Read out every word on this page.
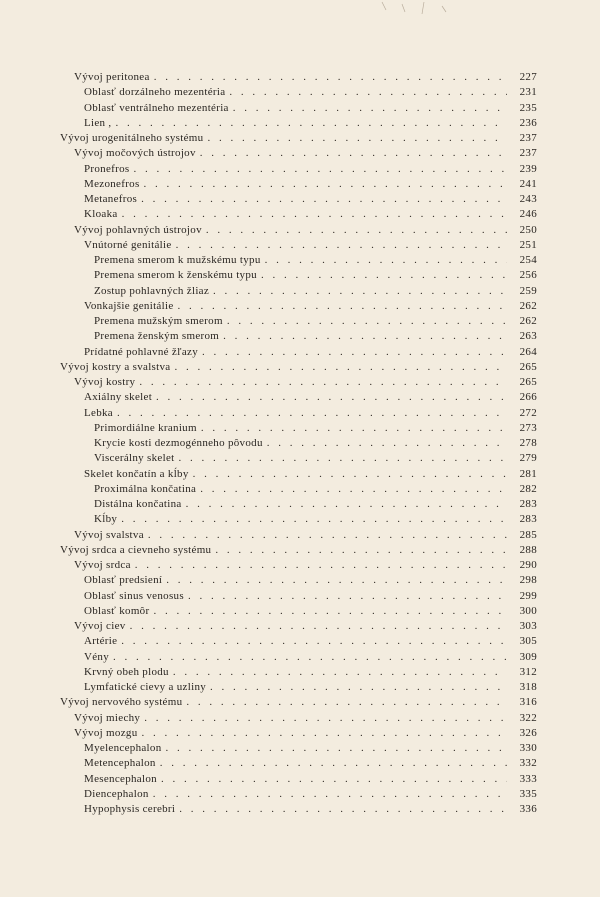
Vývoj peritonea . . .	227
Oblasť dorzálneho mezentéria . . .	231
Oblasť ventrálneho mezentéria . . .	235
Lien , . . .	236
Vývoj urogenitálneho systému . . .	237
Vývoj močových ústrojov . . .	237
Pronefros . . .	239
Mezonefros . . .	241
Metanefros . . .	243
Kloaka . . .	246
Vývoj pohlavných ústrojov . . .	250
Vnútorné genitálie . . .	251
Premena smerom k mužskému typu . . .	254
Premena smerom k ženskému typu . . .	256
Zostup pohlavných žliaz . . .	259
Vonkajšie genitálie . . .	262
Premena mužským smerom . . .	262
Premena ženským smerom . . .	263
Prídatné pohlavné žľazy . . .	264
Vývoj kostry a svalstva . . .	265
Vývoj kostry . . .	265
Axiálny skelet . . .	266
Lebka . . .	272
Primordiálne kranium . . .	273
Krycie kosti dezmogénneho pôvodu . . .	278
Viscerálny skelet . . .	279
Skelet končatín a kĺby . . .	281
Proximálna končatina . . .	282
Distálna končatina . . .	283
Kĺby . . .	283
Vývoj svalstva . . .	285
Vývoj srdca a cievneho systému . . .	288
Vývoj srdca . . .	290
Oblasť predsiení . . .	298
Oblasť sinus venosus . . .	299
Oblasť komôr . . .	300
Vývoj ciev . . .	303
Artérie . . .	305
Vény . . .	309
Krvný obeh plodu . . .	312
Lymfatické cievy a uzliny . . .	318
Vývoj nervového systému . . .	316
Vývoj miechy . . .	322
Vývoj mozgu . . .	326
Myelencephalon . . .	330
Metencephalon . . .	332
Mesencephalon . . .	333
Diencephalon . . .	335
Hypophysis cerebri . . .	336
